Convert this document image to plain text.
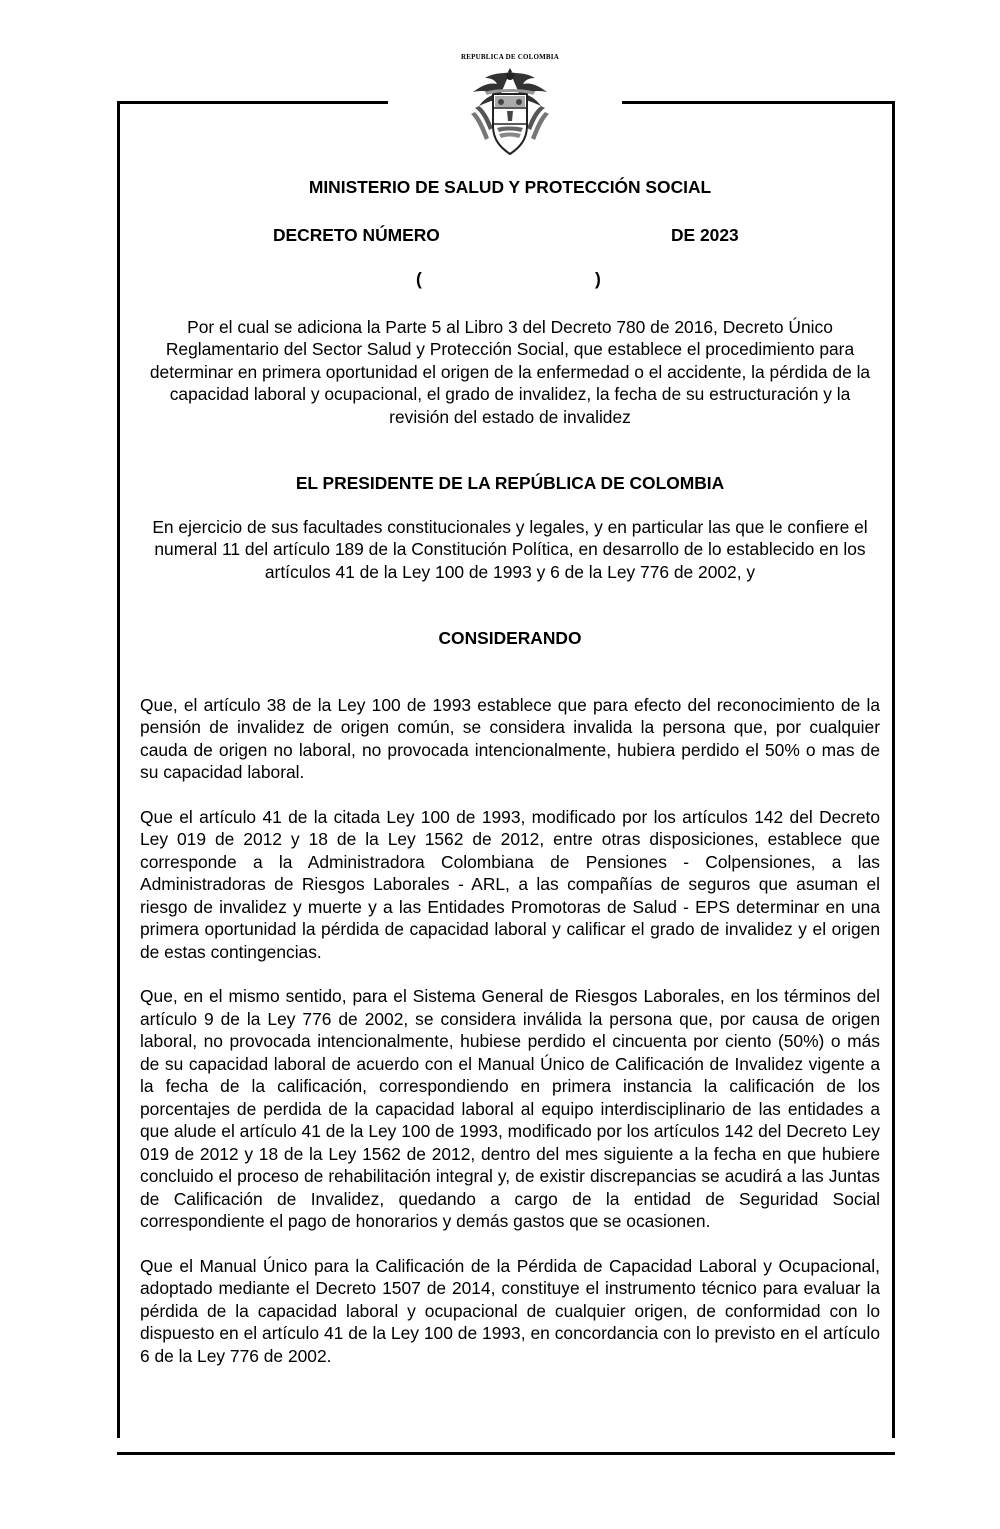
REPUBLICA DE COLOMBIA

MINISTERIO DE SALUD Y PROTECCIÓN SOCIAL

DECRETO NÚMERO	DE 2023
(	)

Por el cual se adiciona la Parte 5 al Libro 3 del Decreto 780 de 2016, Decreto Único Reglamentario del Sector Salud y Protección Social, que establece el procedimiento para determinar en primera oportunidad el origen de la enfermedad o el accidente, la pérdida de la capacidad laboral y ocupacional, el grado de invalidez, la fecha de su estructuración y la revisión del estado de invalidez

EL PRESIDENTE DE LA REPÚBLICA DE COLOMBIA

En ejercicio de sus facultades constitucionales y legales, y en particular las que le confiere el numeral 11 del artículo 189 de la Constitución Política, en desarrollo de lo establecido en los artículos 41 de la Ley 100 de 1993 y 6 de la Ley 776 de 2002, y

CONSIDERANDO

Que, el artículo 38 de la Ley 100 de 1993 establece que para efecto del reconocimiento de la pensión de invalidez de origen común, se considera invalida la persona que, por cualquier cauda de origen no laboral, no provocada intencionalmente, hubiera perdido el 50% o mas de su capacidad laboral.

Que el artículo 41 de la citada Ley 100 de 1993, modificado por los artículos 142 del Decreto Ley 019 de 2012 y 18 de la Ley 1562 de 2012, entre otras disposiciones, establece que corresponde a la Administradora Colombiana de Pensiones - Colpensiones, a las Administradoras de Riesgos Laborales - ARL, a las compañías de seguros que asuman el riesgo de invalidez y muerte y a las Entidades Promotoras de Salud - EPS determinar en una primera oportunidad la pérdida de capacidad laboral y calificar el grado de invalidez y el origen de estas contingencias.

Que, en el mismo sentido, para el Sistema General de Riesgos Laborales, en los términos del artículo 9 de la Ley 776 de 2002, se considera inválida la persona que, por causa de origen laboral, no provocada intencionalmente, hubiese perdido el cincuenta por ciento (50%) o más de su capacidad laboral de acuerdo con el Manual Único de Calificación de Invalidez vigente a la fecha de la calificación, correspondiendo en primera instancia la calificación de los porcentajes de perdida de la capacidad laboral al equipo interdisciplinario de las entidades a que alude el artículo 41 de la Ley 100 de 1993, modificado por los artículos 142 del Decreto Ley 019 de 2012 y 18 de la Ley 1562 de 2012, dentro del mes siguiente a la fecha en que hubiere concluido el proceso de rehabilitación integral y, de existir discrepancias se acudirá a las Juntas de Calificación de Invalidez, quedando a cargo de la entidad de Seguridad Social correspondiente el pago de honorarios y demás gastos que se ocasionen.

Que el Manual Único para la Calificación de la Pérdida de Capacidad Laboral y Ocupacional, adoptado mediante el Decreto 1507 de 2014, constituye el instrumento técnico para evaluar la pérdida de la capacidad laboral y ocupacional de cualquier origen, de conformidad con lo dispuesto en el artículo 41 de la Ley 100 de 1993, en concordancia con lo previsto en el artículo 6 de la Ley 776 de 2002.
